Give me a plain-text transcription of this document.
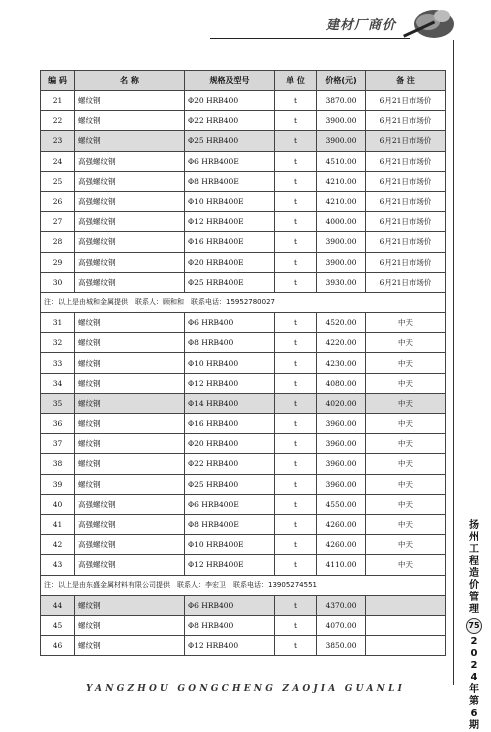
建材厂商价
编 码	名 称	规格及型号	单 位	价格(元)	备 注
21	螺纹钢	Φ20 HRB400	t	3870.00	6月21日市场价
22	螺纹钢	Φ22 HRB400	t	3900.00	6月21日市场价
23	螺纹钢	Φ25 HRB400	t	3900.00	6月21日市场价
24	高强螺纹钢	Φ6 HRB400E	t	4510.00	6月21日市场价
25	高强螺纹钢	Φ8 HRB400E	t	4210.00	6月21日市场价
26	高强螺纹钢	Φ10 HRB400E	t	4210.00	6月21日市场价
27	高强螺纹钢	Φ12 HRB400E	t	4000.00	6月21日市场价
28	高强螺纹钢	Φ16 HRB400E	t	3900.00	6月21日市场价
29	高强螺纹钢	Φ20 HRB400E	t	3900.00	6月21日市场价
30	高强螺纹钢	Φ25 HRB400E	t	3930.00	6月21日市场价
注：以上是由城和金属提供　联系人：顾和和　联系电话：15952780027					
31	螺纹钢	Φ6 HRB400	t	4520.00	中天
32	螺纹钢	Φ8 HRB400	t	4220.00	中天
33	螺纹钢	Φ10 HRB400	t	4230.00	中天
34	螺纹钢	Φ12 HRB400	t	4080.00	中天
35	螺纹钢	Φ14 HRB400	t	4020.00	中天
36	螺纹钢	Φ16 HRB400	t	3960.00	中天
37	螺纹钢	Φ20 HRB400	t	3960.00	中天
38	螺纹钢	Φ22 HRB400	t	3960.00	中天
39	螺纹钢	Φ25 HRB400	t	3960.00	中天
40	高强螺纹钢	Φ6 HRB400E	t	4550.00	中天
41	高强螺纹钢	Φ8 HRB400E	t	4260.00	中天
42	高强螺纹钢	Φ10 HRB400E	t	4260.00	中天
43	高强螺纹钢	Φ12 HRB400E	t	4110.00	中天
注：以上是由东盛金属材料有限公司提供　联系人：李宏卫　联系电话：13905274551					
44	螺纹钢	Φ6 HRB400	t	4370.00	
45	螺纹钢	Φ8 HRB400	t	4070.00	
46	螺纹钢	Φ12 HRB400	t	3850.00	
扬
州
工
程
造
价
管
理
75
2
0
2
4
年
第
6
期
YANGZHOU GONGCHENG ZAOJIA GUANLI
